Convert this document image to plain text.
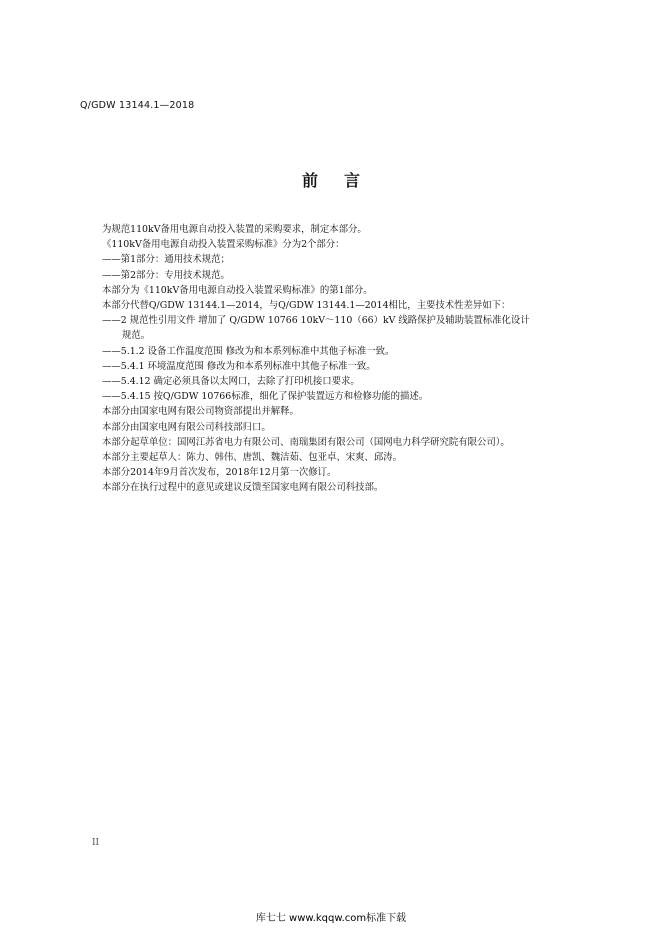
Q/GDW 13144.1—2018
前言
为规范110kV备用电源自动投入装置的采购要求，制定本部分。
《110kV备用电源自动投入装置采购标准》分为2个部分：
——第1部分：通用技术规范；
——第2部分：专用技术规范。
本部分为《110kV备用电源自动投入装置采购标准》的第1部分。
本部分代替Q/GDW 13144.1—2014，与Q/GDW 13144.1—2014相比，主要技术性差异如下：
——2 规范性引用文件 增加了 Q/GDW 10766 10kV～110（66）kV 线路保护及辅助装置标准化设计
规范。
——5.1.2 设备工作温度范围 修改为和本系列标准中其他子标准一致。
——5.4.1 环境温度范围 修改为和本系列标准中其他子标准一致。
——5.4.12 确定必须具备以太网口，去除了打印机接口要求。
——5.4.15 按Q/GDW 10766标准，细化了保护装置远方和检修功能的描述。
本部分由国家电网有限公司物资部提出并解释。
本部分由国家电网有限公司科技部归口。
本部分起草单位：国网江苏省电力有限公司、南瑞集团有限公司（国网电力科学研究院有限公司）。
本部分主要起草人：陈力、韩伟、唐凯、魏洁茹、包亚卓、宋爽、邱涛。
本部分2014年9月首次发布，2018年12月第一次修订。
本部分在执行过程中的意见或建议反馈至国家电网有限公司科技部。
II
库七七 www.kqqw.com标准下载
